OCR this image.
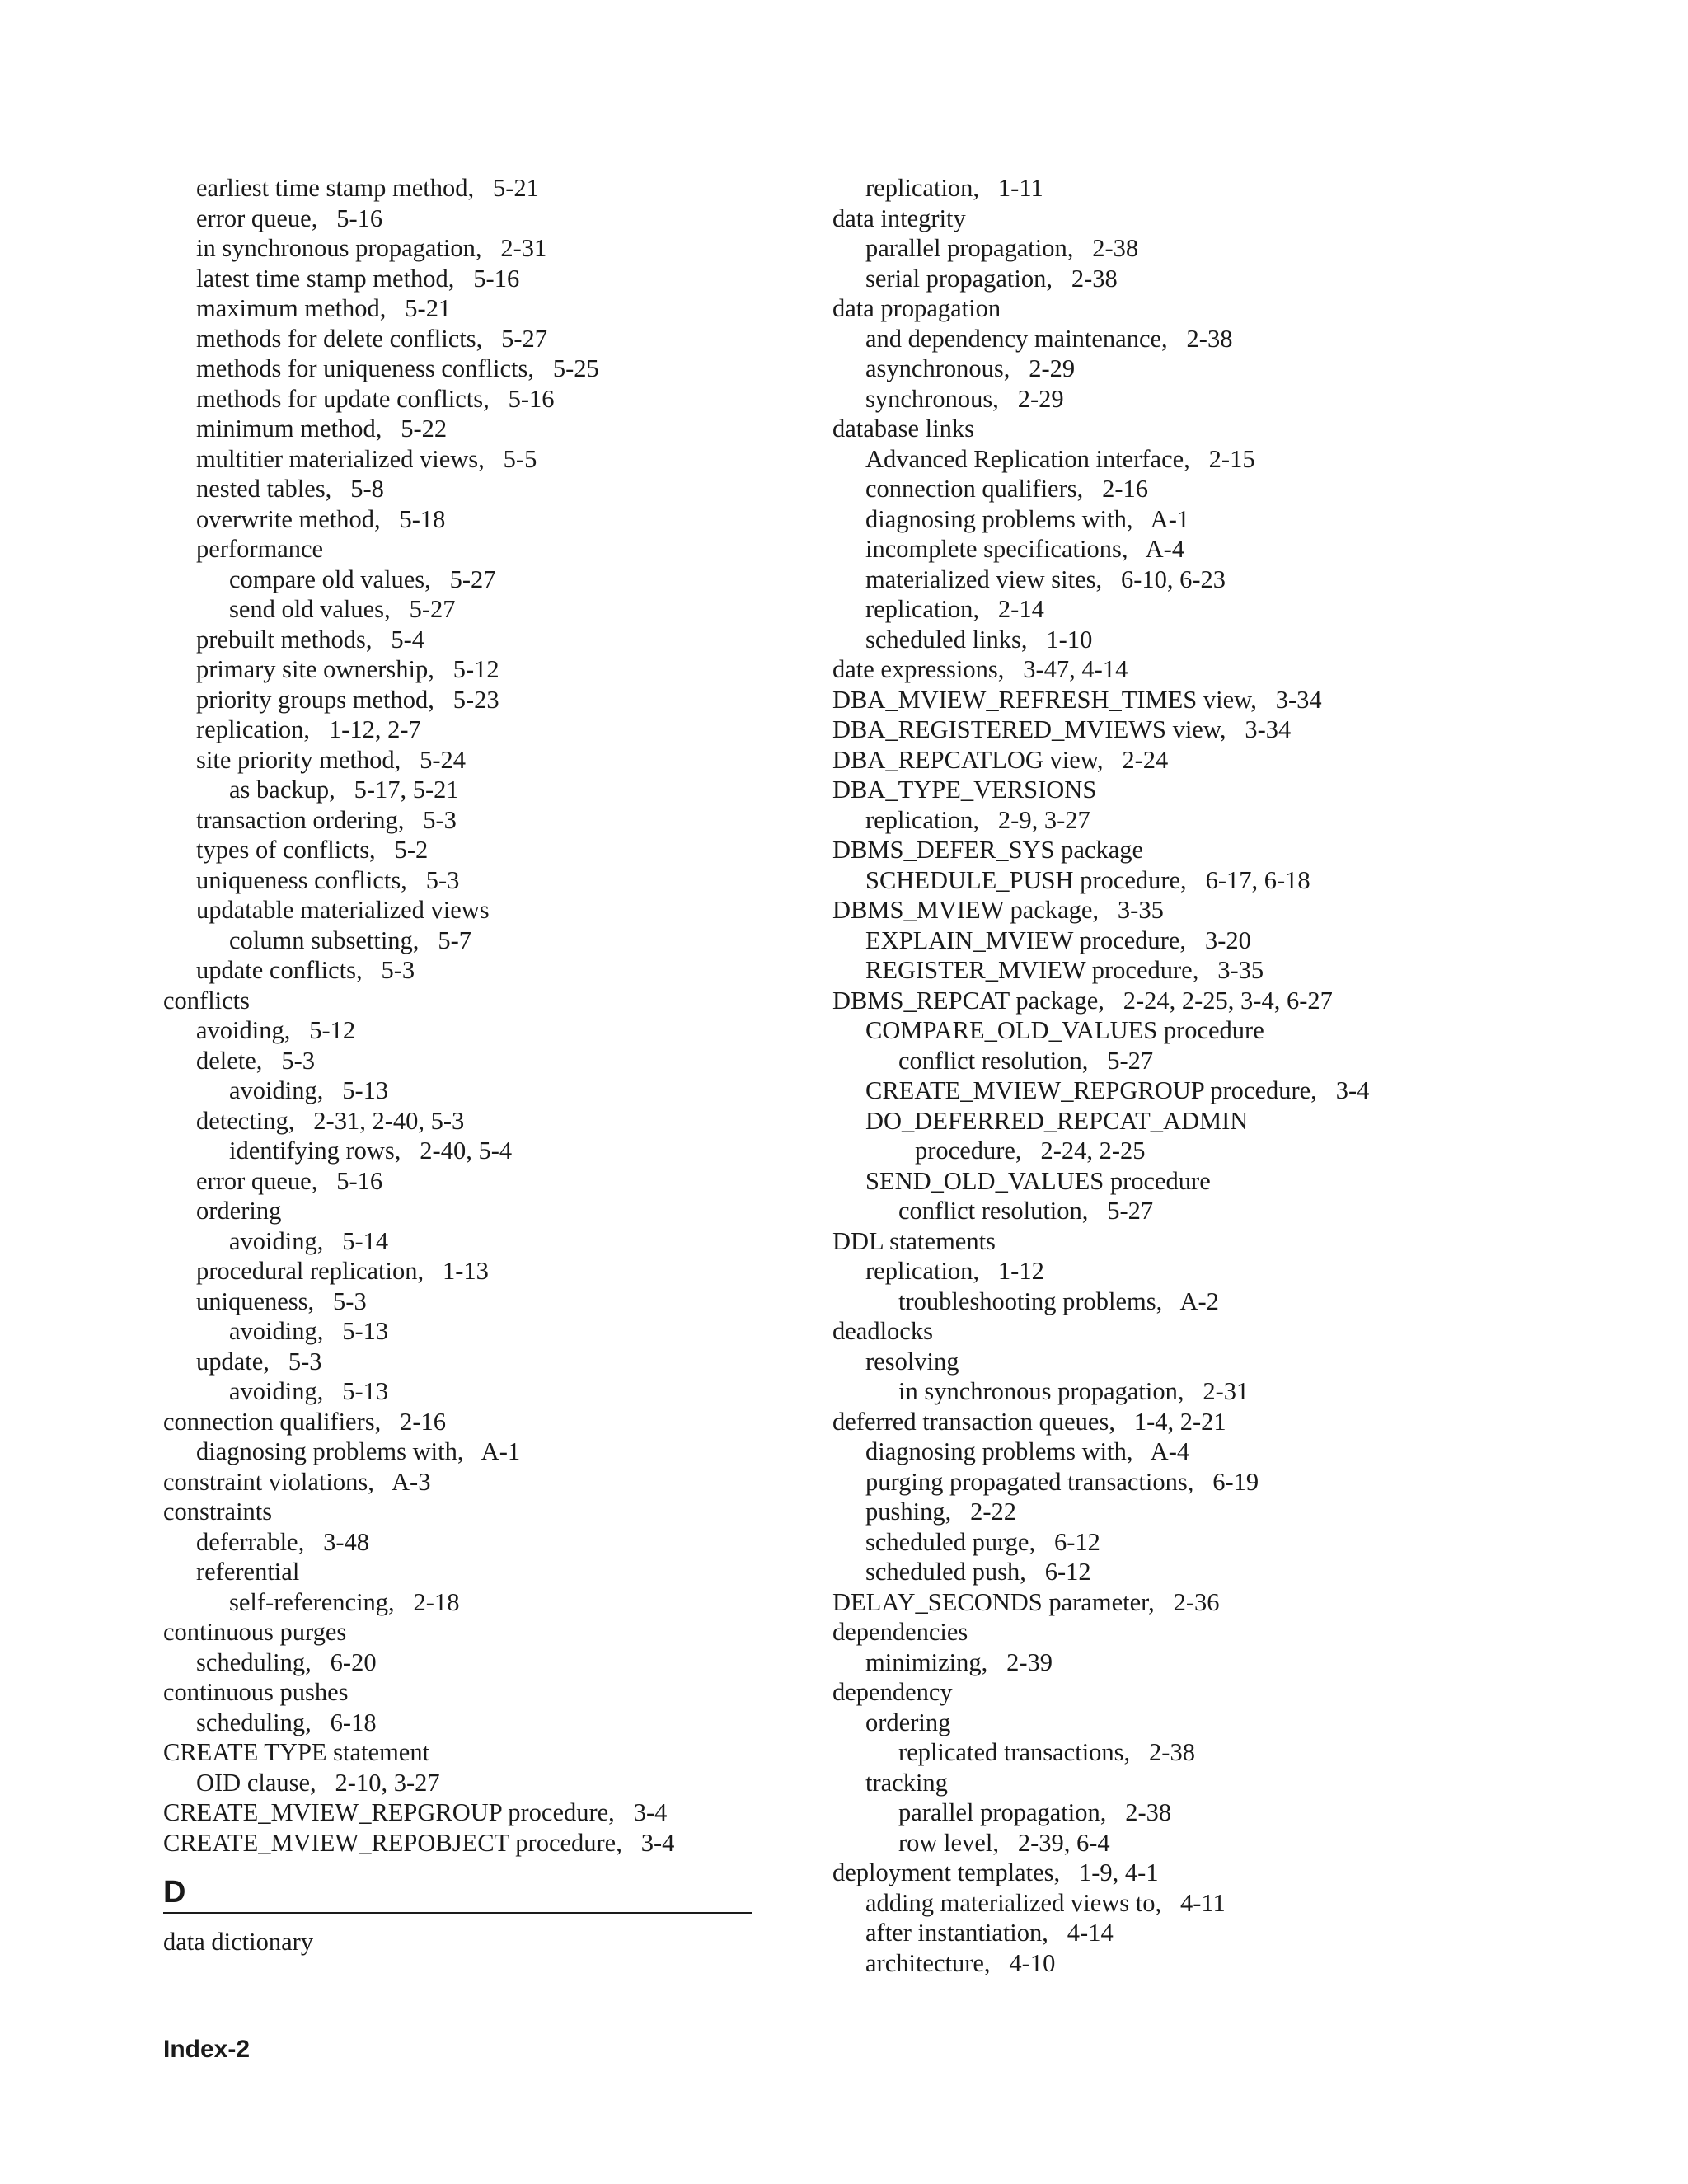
earliest time stamp method, 5-21
error queue, 5-16
in synchronous propagation, 2-31
latest time stamp method, 5-16
maximum method, 5-21
methods for delete conflicts, 5-27
methods for uniqueness conflicts, 5-25
methods for update conflicts, 5-16
minimum method, 5-22
multitier materialized views, 5-5
nested tables, 5-8
overwrite method, 5-18
performance
compare old values, 5-27
send old values, 5-27
prebuilt methods, 5-4
primary site ownership, 5-12
priority groups method, 5-23
replication, 1-12, 2-7
site priority method, 5-24
as backup, 5-17, 5-21
transaction ordering, 5-3
types of conflicts, 5-2
uniqueness conflicts, 5-3
updatable materialized views
column subsetting, 5-7
update conflicts, 5-3
conflicts
avoiding, 5-12
delete, 5-3
avoiding, 5-13
detecting, 2-31, 2-40, 5-3
identifying rows, 2-40, 5-4
error queue, 5-16
ordering
avoiding, 5-14
procedural replication, 1-13
uniqueness, 5-3
avoiding, 5-13
update, 5-3
avoiding, 5-13
connection qualifiers, 2-16
diagnosing problems with, A-1
constraint violations, A-3
constraints
deferrable, 3-48
referential
self-referencing, 2-18
continuous purges
scheduling, 6-20
continuous pushes
scheduling, 6-18
CREATE TYPE statement
OID clause, 2-10, 3-27
CREATE_MVIEW_REPGROUP procedure, 3-4
CREATE_MVIEW_REPOBJECT procedure, 3-4
D
data dictionary
replication, 1-11
data integrity
parallel propagation, 2-38
serial propagation, 2-38
data propagation
and dependency maintenance, 2-38
asynchronous, 2-29
synchronous, 2-29
database links
Advanced Replication interface, 2-15
connection qualifiers, 2-16
diagnosing problems with, A-1
incomplete specifications, A-4
materialized view sites, 6-10, 6-23
replication, 2-14
scheduled links, 1-10
date expressions, 3-47, 4-14
DBA_MVIEW_REFRESH_TIMES view, 3-34
DBA_REGISTERED_MVIEWS view, 3-34
DBA_REPCATLOG view, 2-24
DBA_TYPE_VERSIONS
replication, 2-9, 3-27
DBMS_DEFER_SYS package
SCHEDULE_PUSH procedure, 6-17, 6-18
DBMS_MVIEW package, 3-35
EXPLAIN_MVIEW procedure, 3-20
REGISTER_MVIEW procedure, 3-35
DBMS_REPCAT package, 2-24, 2-25, 3-4, 6-27
COMPARE_OLD_VALUES procedure
conflict resolution, 5-27
CREATE_MVIEW_REPGROUP procedure, 3-4
DO_DEFERRED_REPCAT_ADMIN
procedure, 2-24, 2-25
SEND_OLD_VALUES procedure
conflict resolution, 5-27
DDL statements
replication, 1-12
troubleshooting problems, A-2
deadlocks
resolving
in synchronous propagation, 2-31
deferred transaction queues, 1-4, 2-21
diagnosing problems with, A-4
purging propagated transactions, 6-19
pushing, 2-22
scheduled purge, 6-12
scheduled push, 6-12
DELAY_SECONDS parameter, 2-36
dependencies
minimizing, 2-39
dependency
ordering
replicated transactions, 2-38
tracking
parallel propagation, 2-38
row level, 2-39, 6-4
deployment templates, 1-9, 4-1
adding materialized views to, 4-11
after instantiation, 4-14
architecture, 4-10
Index-2
